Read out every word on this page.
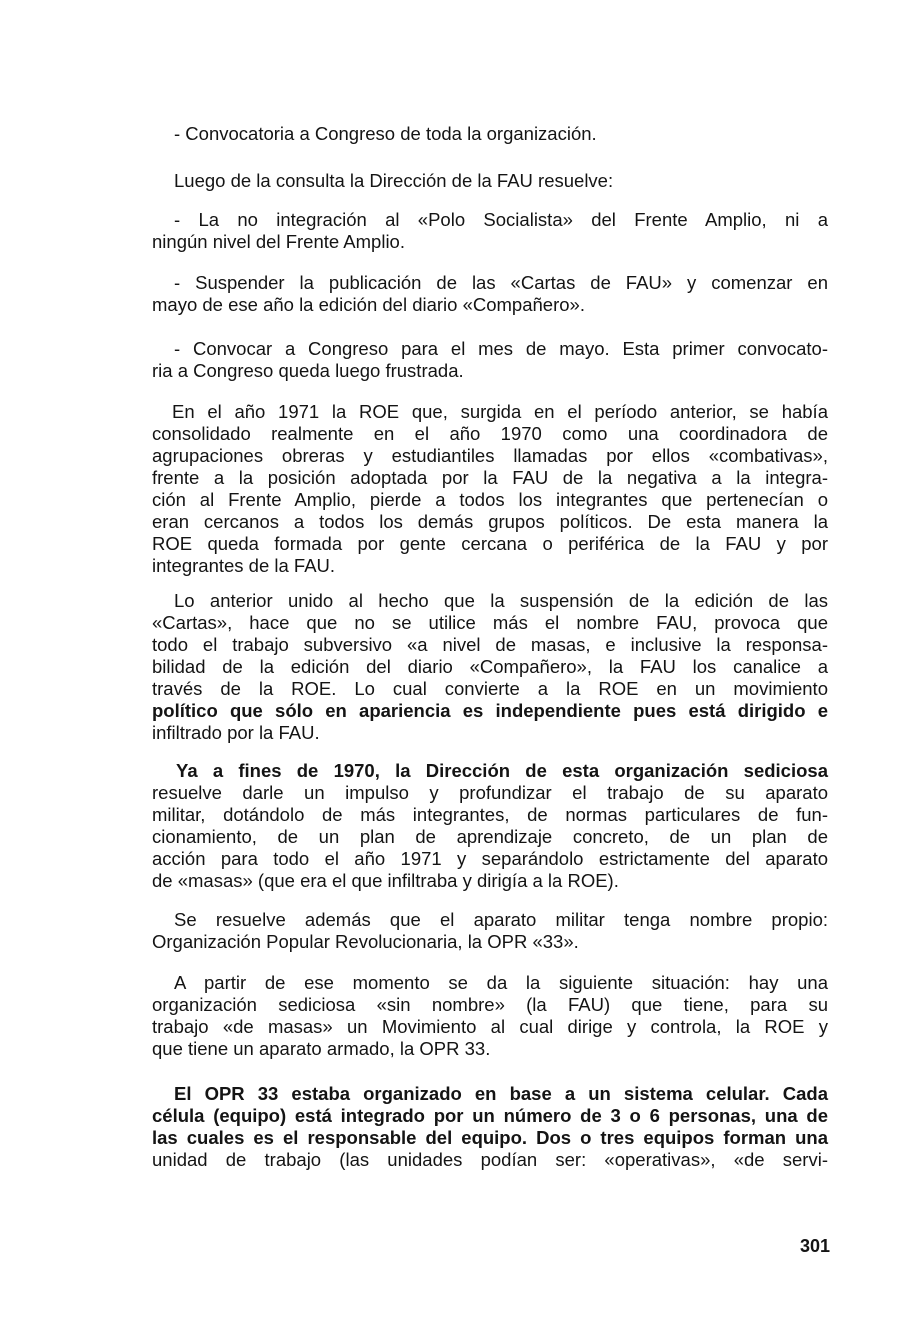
- Convocatoria a Congreso de toda la organización.

Luego de la consulta la Dirección de la FAU resuelve:

- La no integración al «Polo Socialista» del Frente Amplio, ni a
ningún nivel del Frente Amplio.

- Suspender la publicación de las «Cartas de FAU» y comenzar en
mayo de ese año la edición del diario «Compañero».

- Convocar a Congreso para el mes de mayo. Esta primer convocato-
ria a Congreso queda luego frustrada.

En el año 1971 la ROE que, surgida en el período anterior, se había
consolidado realmente en el año 1970 como una coordinadora de
agrupaciones obreras y estudiantiles llamadas por ellos «combativas»,
frente a la posición adoptada por la FAU de la negativa a la integra-
ción al Frente Amplio, pierde a todos los integrantes que pertenecían o
eran cercanos a todos los demás grupos políticos. De esta manera la
ROE queda formada por gente cercana o periférica de la FAU y por
integrantes de la FAU.

Lo anterior unido al hecho que la suspensión de la edición de las
«Cartas», hace que no se utilice más el nombre FAU, provoca que
todo el trabajo subversivo «a nivel de masas, e inclusive la responsa-
bilidad de la edición del diario «Compañero», la FAU los canalice a
través de la ROE. Lo cual convierte a la ROE en un movimiento
político que sólo en apariencia es independiente pues está dirigido e
infiltrado por la FAU.

Ya a fines de 1970, la Dirección de esta organización sediciosa
resuelve darle un impulso y profundizar el trabajo de su aparato
militar, dotándolo de más integrantes, de normas particulares de fun-
cionamiento, de un plan de aprendizaje concreto, de un plan de
acción para todo el año 1971 y separándolo estrictamente del aparato
de «masas» (que era el que infiltraba y dirigía a la ROE).

Se resuelve además que el aparato militar tenga nombre propio:
Organización Popular Revolucionaria, la OPR «33».

A partir de ese momento se da la siguiente situación: hay una
organización sediciosa «sin nombre» (la FAU) que tiene, para su
trabajo «de masas» un Movimiento al cual dirige y controla, la ROE y
que tiene un aparato armado, la OPR 33.

El OPR 33 estaba organizado en base a un sistema celular. Cada
célula (equipo) está integrado por un número de 3 o 6 personas, una de
las cuales es el responsable del equipo. Dos o tres equipos forman una
unidad de trabajo (las unidades podían ser: «operativas», «de servi-

301
